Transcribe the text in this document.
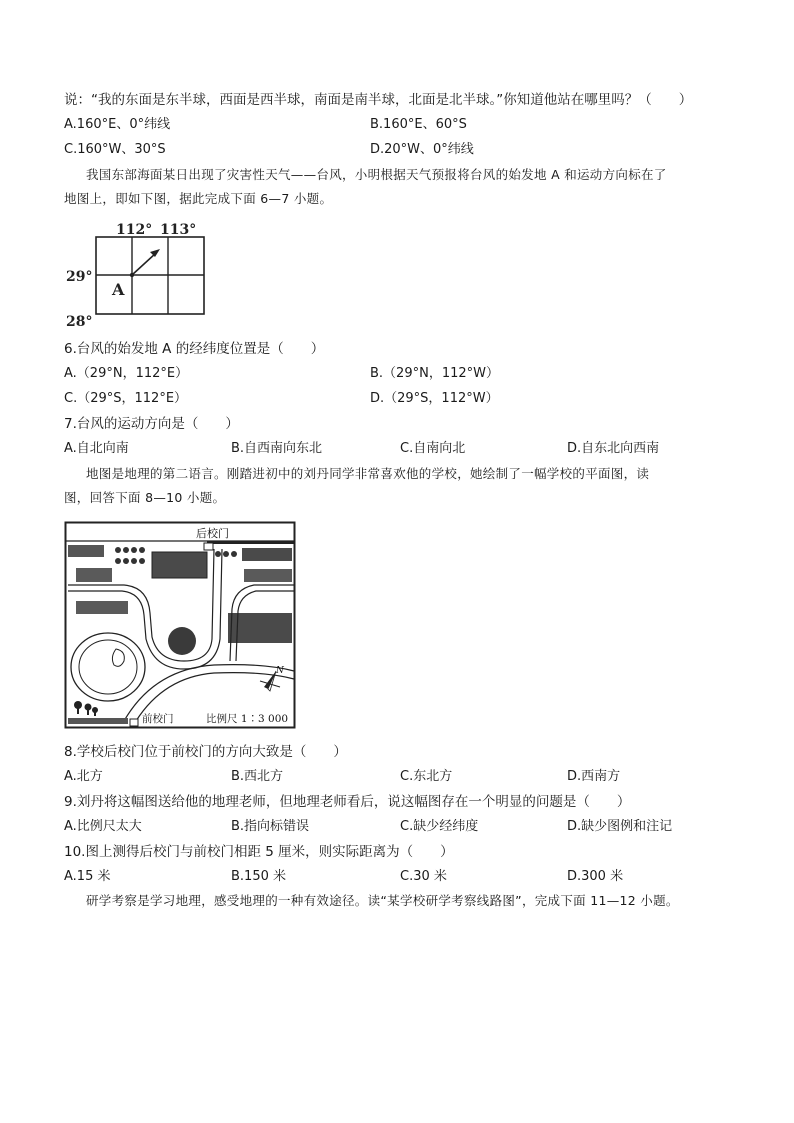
说：“我的东面是东半球，西面是西半球，南面是南半球，北面是北半球。”你知道他站在哪里吗？（　　）
A.160°E、0°纬线	B.160°E、60°S
C.160°W、30°S	D.20°W、0°纬线
我国东部海面某日出现了灾害性天气——台风，小明根据天气预报将台风的始发地 A 和运动方向标在了
地图上，即如下图，据此完成下面 6—7 小题。
112° 113°
29°
28°
A
6.台风的始发地 A 的经纬度位置是（　　）
A.（29°N，112°E）	B.（29°N，112°W）
C.（29°S，112°E）	D.（29°S，112°W）
7.台风的运动方向是（　　）
A.自北向南	B.自西南向东北	C.自南向北	D.自东北向西南
地图是地理的第二语言。刚踏进初中的刘丹同学非常喜欢他的学校，她绘制了一幅学校的平面图，读
图，回答下面 8—10 小题。
后校门
前校门	比例尺 1∶3 000
N
8.学校后校门位于前校门的方向大致是（　　）
A.北方	B.西北方	C.东北方	D.西南方
9.刘丹将这幅图送给他的地理老师，但地理老师看后，说这幅图存在一个明显的问题是（　　）
A.比例尺太大	B.指向标错误	C.缺少经纬度	D.缺少图例和注记
10.图上测得后校门与前校门相距 5 厘米，则实际距离为（　　）
A.15 米	B.150 米	C.30 米	D.300 米
研学考察是学习地理，感受地理的一种有效途径。读“某学校研学考察线路图”，完成下面 11—12 小题。
